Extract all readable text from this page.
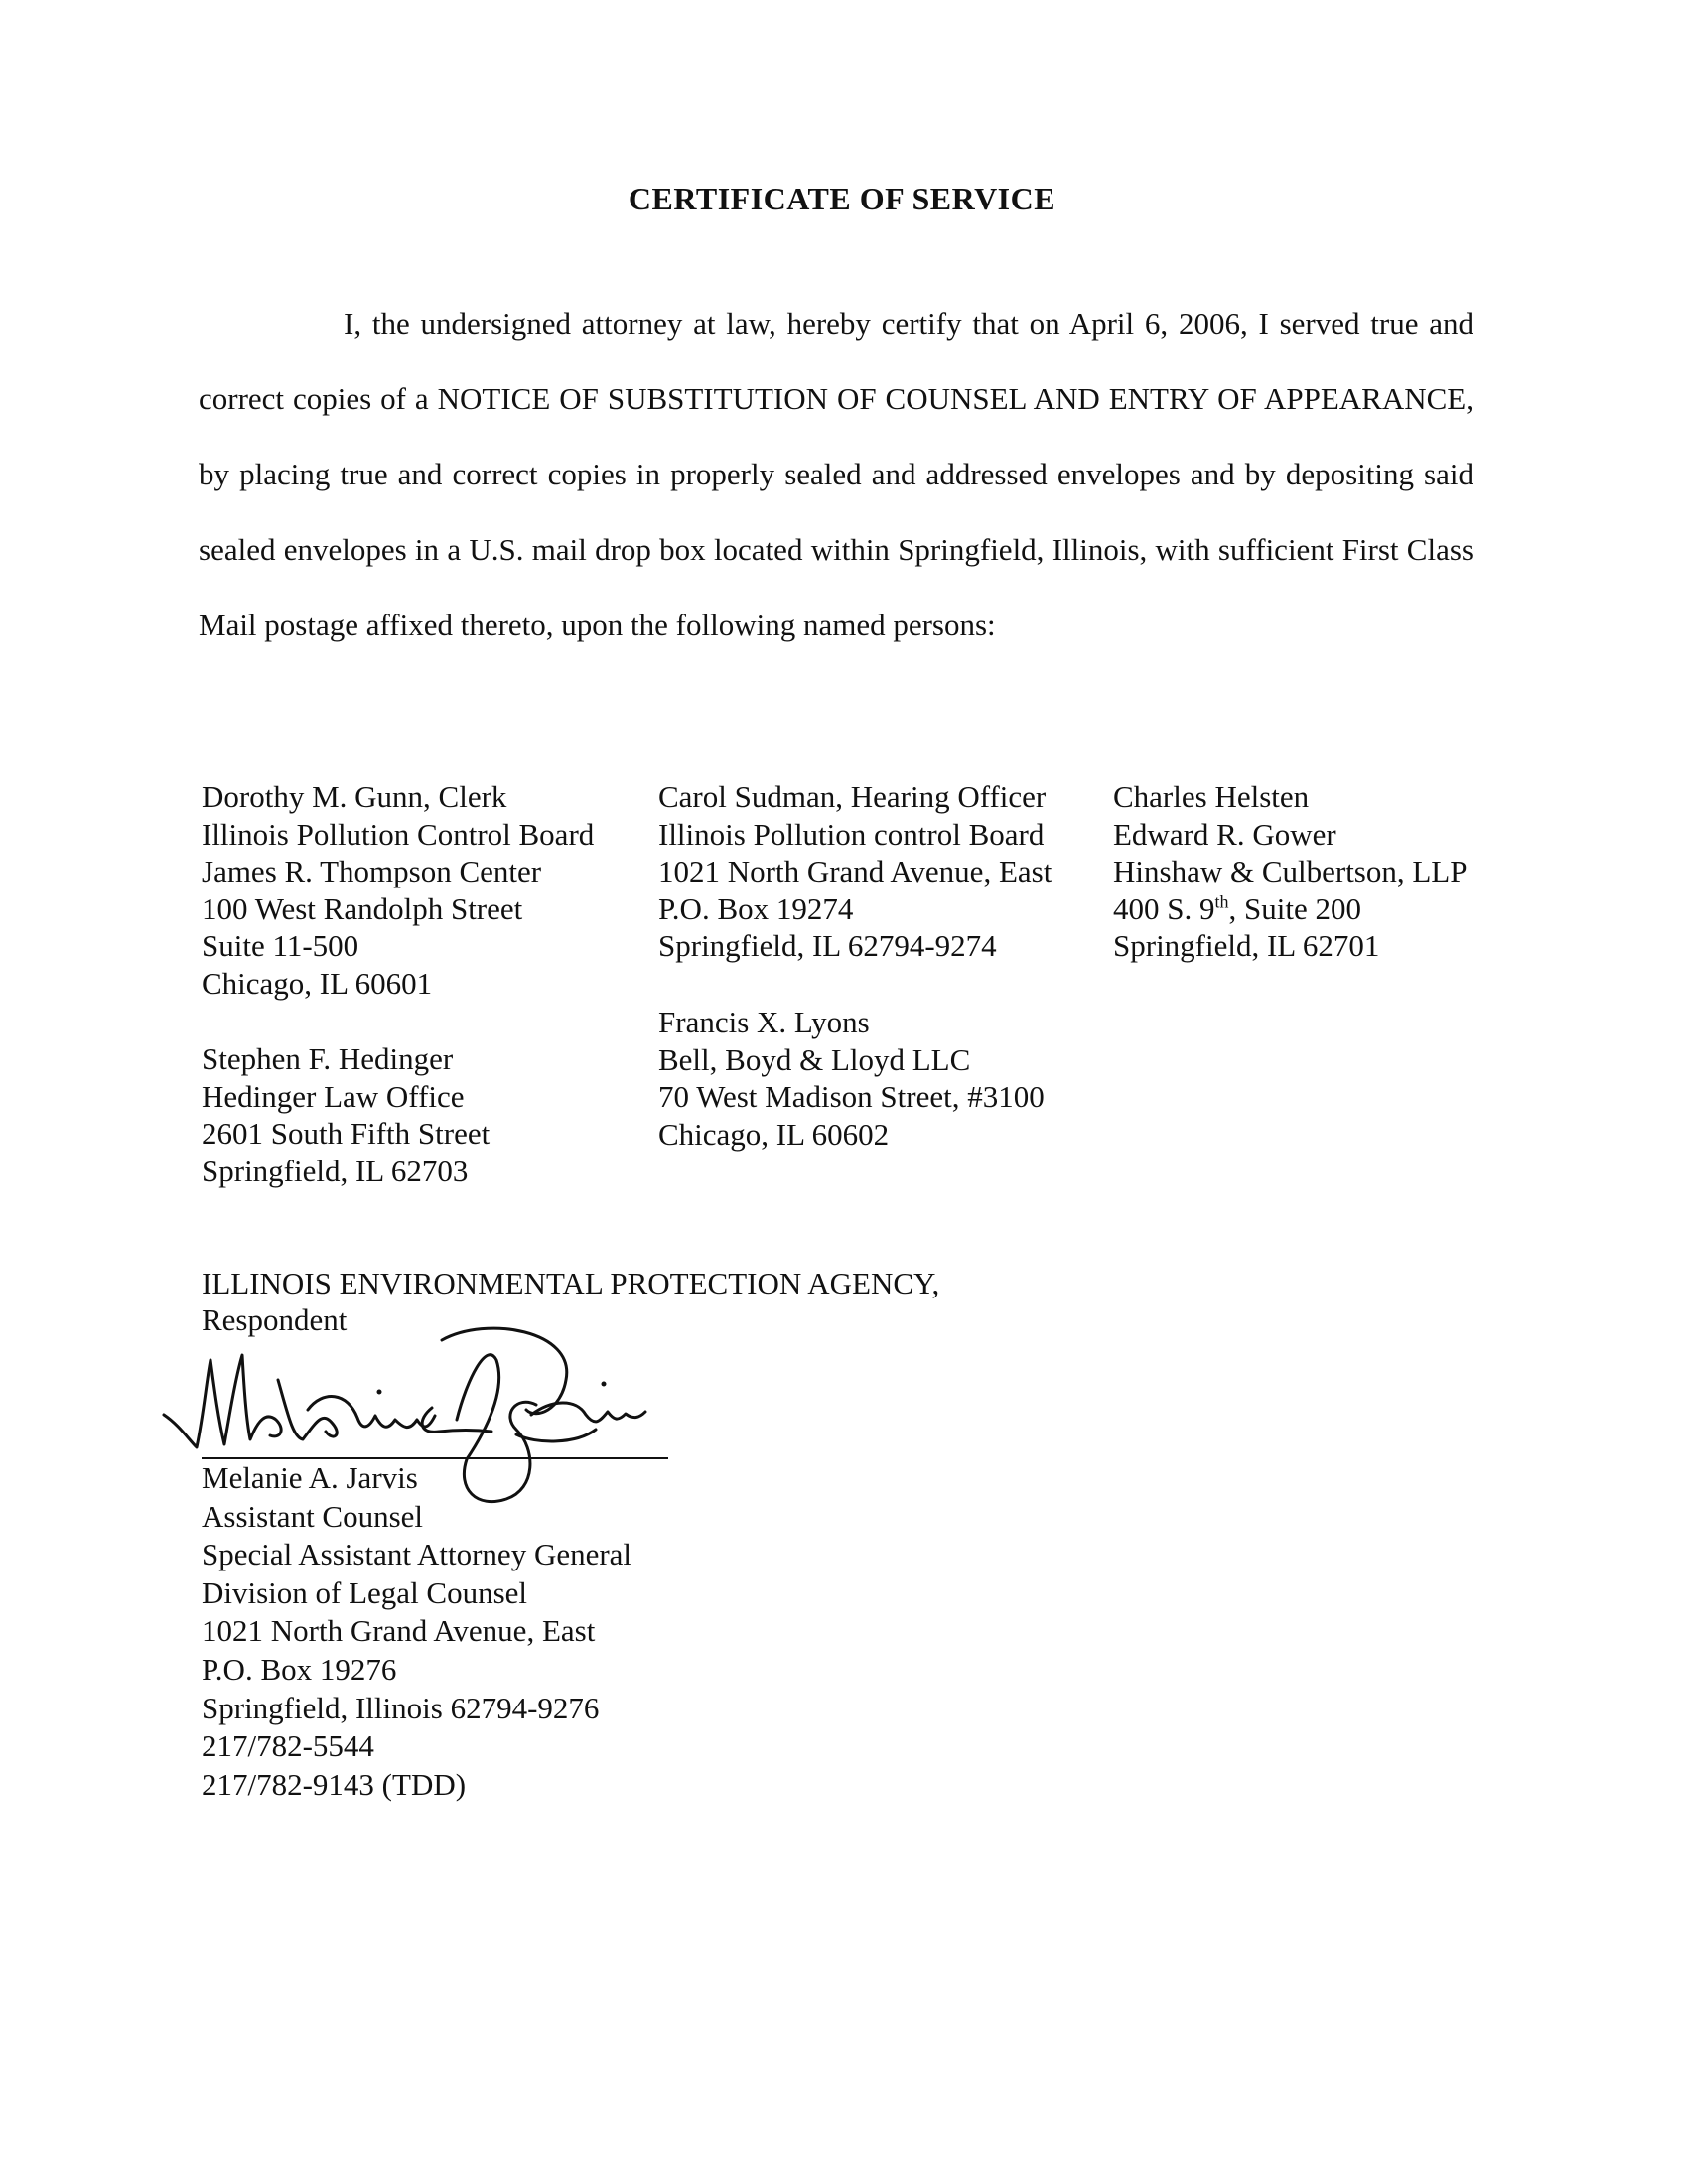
CERTIFICATE OF SERVICE
I, the undersigned attorney at law, hereby certify that on April 6, 2006, I served true and correct copies of a NOTICE OF SUBSTITUTION OF COUNSEL AND ENTRY OF APPEARANCE, by placing true and correct copies in properly sealed and addressed envelopes and by depositing said sealed envelopes in a U.S. mail drop box located within Springfield, Illinois, with sufficient First Class Mail postage affixed thereto, upon the following named persons:
Dorothy M. Gunn, Clerk
Illinois Pollution Control Board
James R. Thompson Center
100 West Randolph Street
Suite 11-500
Chicago, IL 60601
Stephen F. Hedinger
Hedinger Law Office
2601 South Fifth Street
Springfield, IL 62703
Carol Sudman, Hearing Officer
Illinois Pollution control Board
1021 North Grand Avenue, East
P.O. Box 19274
Springfield, IL 62794-9274
Francis X. Lyons
Bell, Boyd & Lloyd LLC
70 West Madison Street, #3100
Chicago, IL 60602
Charles Helsten
Edward R. Gower
Hinshaw & Culbertson, LLP
400 S. 9th, Suite 200
Springfield, IL 62701
ILLINOIS ENVIRONMENTAL PROTECTION AGENCY,
Respondent
Melanie A. Jarvis
Assistant Counsel
Special Assistant Attorney General
Division of Legal Counsel
1021 North Grand Avenue, East
P.O. Box 19276
Springfield, Illinois 62794-9276
217/782-5544
217/782-9143 (TDD)
